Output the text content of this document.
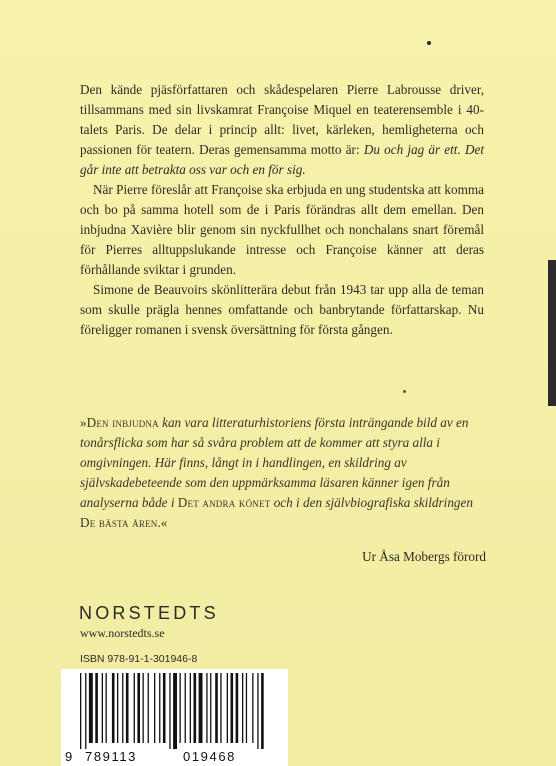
Den kände pjäsförfattaren och skådespelaren Pierre Labrousse driver, tillsammans med sin livskamrat Françoise Miquel en teaterensemble i 40-talets Paris. De delar i princip allt: livet, kärleken, hemligheterna och passionen för teatern. Deras gemensamma motto är: Du och jag är ett. Det går inte att betrakta oss var och en för sig.

När Pierre föreslår att Françoise ska erbjuda en ung studentska att komma och bo på samma hotell som de i Paris förändras allt dem emellan. Den inbjudna Xavière blir genom sin nyckfullhet och nonchalans snart föremål för Pierres alltuppslukande intresse och Françoise känner att deras förhållande sviktar i grunden.

Simone de Beauvoirs skönlitterära debut från 1943 tar upp alla de teman som skulle prägla hennes omfattande och banbrytande författarskap. Nu föreligger romanen i svensk översättning för första gången.

»Den inbjudna kan vara litteraturhistoriens första inträngande bild av en tonårsflicka som har så svåra problem att de kommer att styra alla i omgivningen. Här finns, långt in i handlingen, en skildring av självskadebeteende som den uppmärksamma läsaren känner igen från analyserna både i Det andra könet och i den självbiografiska skildringen De bästa åren.«
Ur Åsa Mobergs förord
NORSTEDTS
www.norstedts.se
ISBN 978-91-1-301946-8
9 789113	019468
